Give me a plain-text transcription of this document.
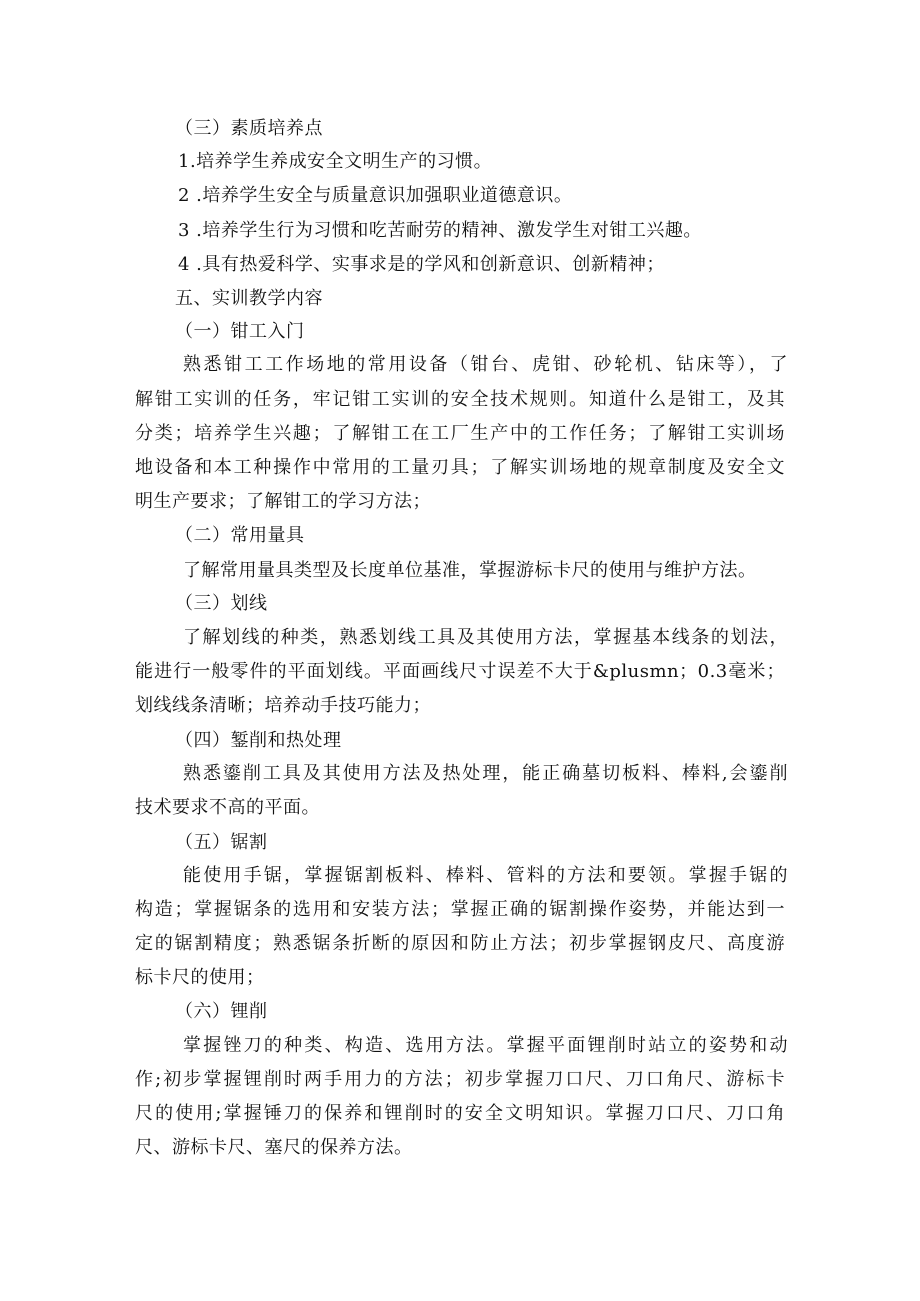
（三）素质培养点
1.培养学生养成安全文明生产的习惯。
2 .培养学生安全与质量意识加强职业道德意识。
3 .培养学生行为习惯和吃苦耐劳的精神、激发学生对钳工兴趣。
4 .具有热爱科学、实事求是的学风和创新意识、创新精神；
五、实训教学内容
（一）钳工入门
熟悉钳工工作场地的常用设备（钳台、虎钳、砂轮机、钻床等），了
解钳工实训的任务，牢记钳工实训的安全技术规则。知道什么是钳工，及其
分类；培养学生兴趣；了解钳工在工厂生产中的工作任务；了解钳工实训场
地设备和本工种操作中常用的工量刃具；了解实训场地的规章制度及安全文
明生产要求；了解钳工的学习方法；
（二）常用量具
了解常用量具类型及长度单位基准，掌握游标卡尺的使用与维护方法。
（三）划线
了解划线的种类，熟悉划线工具及其使用方法，掌握基本线条的划法，
能进行一般零件的平面划线。平面画线尺寸误差不大于&plusmn；0.3毫米；
划线线条清晰；培养动手技巧能力；
（四）錾削和热处理
熟悉鎏削工具及其使用方法及热处理，能正确墓切板料、棒料,会鎏削
技术要求不高的平面。
（五）锯割
能使用手锯，掌握锯割板料、棒料、管料的方法和要领。掌握手锯的
构造；掌握锯条的选用和安装方法；掌握正确的锯割操作姿势，并能达到一
定的锯割精度；熟悉锯条折断的原因和防止方法；初步掌握钢皮尺、高度游
标卡尺的使用；
（六）锂削
掌握锉刀的种类、构造、选用方法。掌握平面锂削时站立的姿势和动
作;初步掌握锂削时两手用力的方法；初步掌握刀口尺、刀口角尺、游标卡
尺的使用;掌握锤刀的保养和锂削时的安全文明知识。掌握刀口尺、刀口角
尺、游标卡尺、塞尺的保养方法。
